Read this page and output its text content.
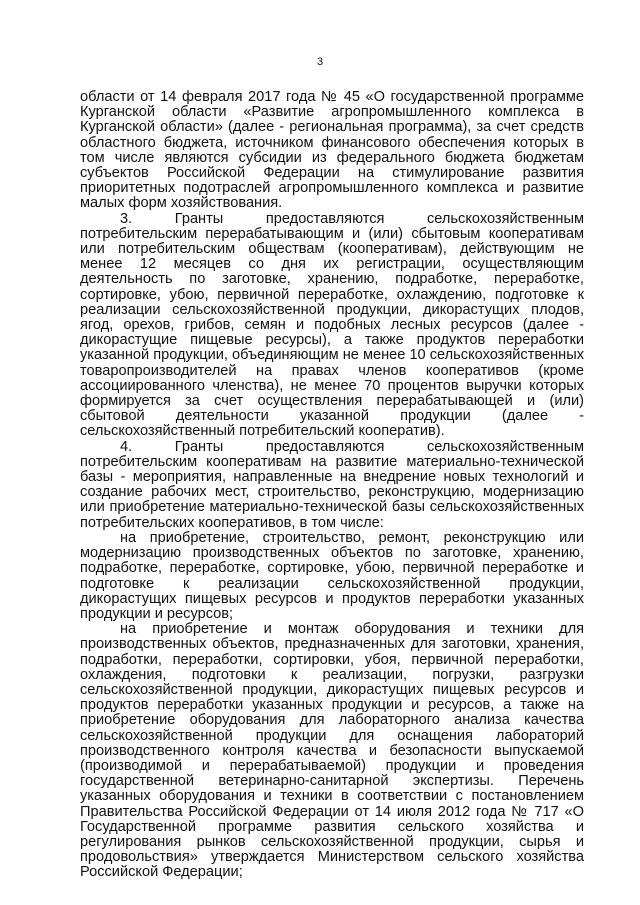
3

области от 14 февраля 2017 года № 45 «О государственной программе Курганской области «Развитие агропромышленного комплекса в Курганской области» (далее - региональная программа), за счет средств областного бюджета, источником финансового обеспечения которых в том числе являются субсидии из федерального бюджета бюджетам субъектов Российской Федерации на стимулирование развития приоритетных подотраслей агропромышленного комплекса и развитие малых форм хозяйствования.

3. Гранты предоставляются сельскохозяйственным потребительским перерабатывающим и (или) сбытовым кооперативам или потребительским обществам (кооперативам), действующим не менее 12 месяцев со дня их регистрации, осуществляющим деятельность по заготовке, хранению, подработке, переработке, сортировке, убою, первичной переработке, охлаждению, подготовке к реализации сельскохозяйственной продукции, дикорастущих плодов, ягод, орехов, грибов, семян и подобных лесных ресурсов (далее - дикорастущие пищевые ресурсы), а также продуктов переработки указанной продукции, объединяющим не менее 10 сельскохозяйственных товаропроизводителей на правах членов кооперативов (кроме ассоциированного членства), не менее 70 процентов выручки которых формируется за счет осуществления перерабатывающей и (или) сбытовой деятельности указанной продукции (далее - сельскохозяйственный потребительский кооператив).

4. Гранты предоставляются сельскохозяйственным потребительским кооперативам на развитие материально-технической базы - мероприятия, направленные на внедрение новых технологий и создание рабочих мест, строительство, реконструкцию, модернизацию или приобретение материально-технической базы сельскохозяйственных потребительских кооперативов, в том числе:

на приобретение, строительство, ремонт, реконструкцию или модернизацию производственных объектов по заготовке, хранению, подработке, переработке, сортировке, убою, первичной переработке и подготовке к реализации сельскохозяйственной продукции, дикорастущих пищевых ресурсов и продуктов переработки указанных продукции и ресурсов;

на приобретение и монтаж оборудования и техники для производственных объектов, предназначенных для заготовки, хранения, подработки, переработки, сортировки, убоя, первичной переработки, охлаждения, подготовки к реализации, погрузки, разгрузки сельскохозяйственной продукции, дикорастущих пищевых ресурсов и продуктов переработки указанных продукции и ресурсов, а также на приобретение оборудования для лабораторного анализа качества сельскохозяйственной продукции для оснащения лабораторий производственного контроля качества и безопасности выпускаемой (производимой и перерабатываемой) продукции и проведения государственной ветеринарно-санитарной экспертизы. Перечень указанных оборудования и техники в соответствии с постановлением Правительства Российской Федерации от 14 июля 2012 года № 717 «О Государственной программе развития сельского хозяйства и регулирования рынков сельскохозяйственной продукции, сырья и продовольствия» утверждается Министерством сельского хозяйства Российской Федерации;
